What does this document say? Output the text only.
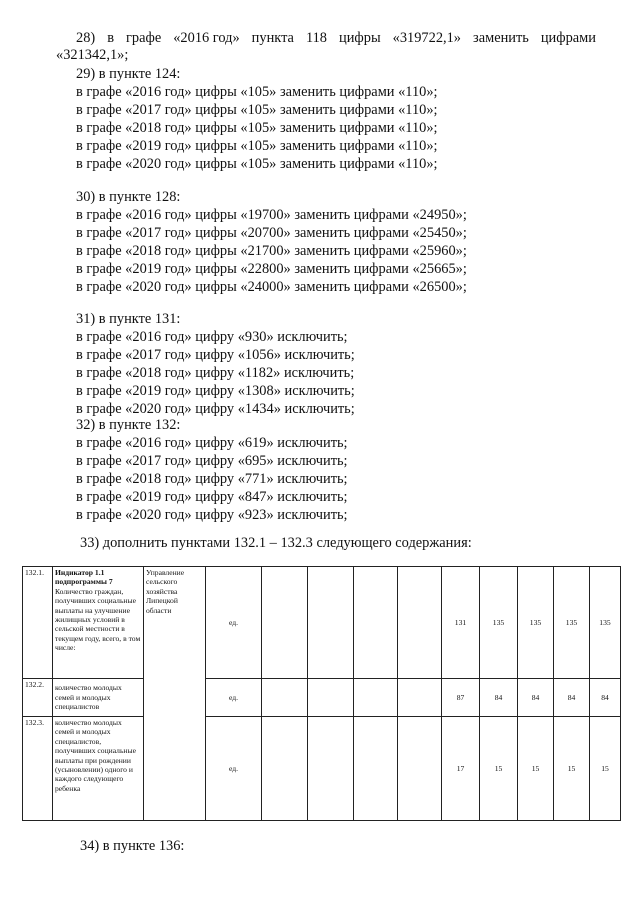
28) в графе «2016 год» пункта 118 цифры «319722,1» заменить цифрами
«321342,1»;
29) в пункте 124:
в графе «2016 год» цифры «105» заменить цифрами «110»;
в графе «2017 год» цифры «105» заменить цифрами «110»;
в графе «2018 год» цифры «105» заменить цифрами «110»;
в графе «2019 год» цифры «105» заменить цифрами «110»;
в графе «2020 год» цифры «105» заменить цифрами «110»;
30) в пункте 128:
в графе «2016 год» цифры «19700» заменить цифрами «24950»;
в графе «2017 год» цифры «20700» заменить цифрами «25450»;
в графе «2018 год» цифры «21700» заменить цифрами «25960»;
в графе «2019 год» цифры «22800» заменить цифрами «25665»;
в графе «2020 год» цифры «24000» заменить цифрами «26500»;
31) в пункте 131:
в графе «2016 год» цифру «930» исключить;
в графе «2017 год» цифру «1056» исключить;
в графе «2018 год» цифру «1182» исключить;
в графе «2019 год» цифру «1308» исключить;
в графе «2020 год» цифру «1434» исключить;
32) в пункте 132:
в графе «2016 год» цифру «619» исключить;
в графе «2017 год» цифру «695» исключить;
в графе «2018 год» цифру «771» исключить;
в графе «2019 год» цифру «847» исключить;
в графе «2020 год» цифру «923» исключить;
33) дополнить пунктами 132.1 – 132.3 следующего содержания:
132.1.	Индикатор 1.1 подпрограммы 7
Количество граждан, получивших социальные выплаты на улучшение жилищных условий в сельской местности в текущем году, всего, в том числе:	Управление сельского хозяйства Липецкой области	ед.					131	135	135	135	135
132.2.	количество молодых семей и молодых специалистов		ед.					87	84	84	84	84
132.3.	количество молодых семей и молодых специалистов, получивших социальные выплаты при рождении (усыновлении) одного и каждого следующего ребенка		ед.					17	15	15	15	15
34) в пункте 136:
